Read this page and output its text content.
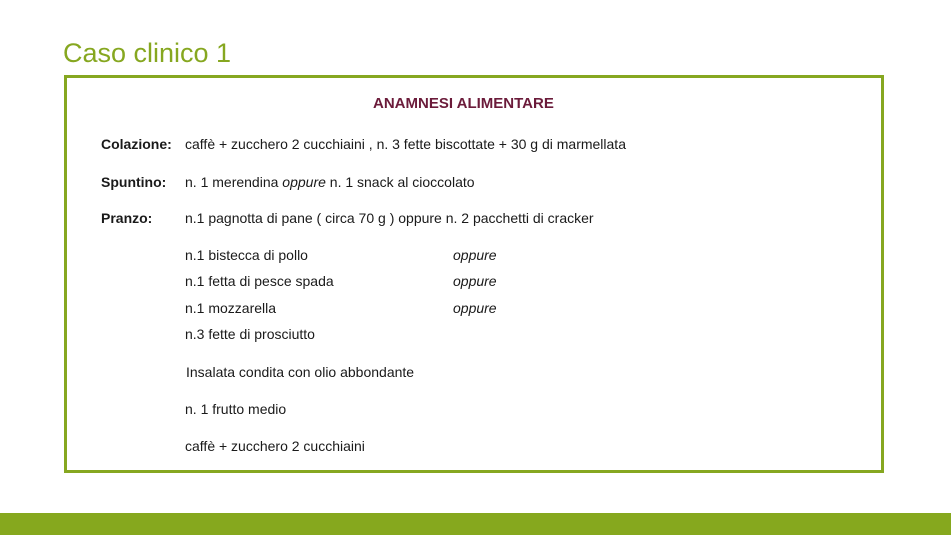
Caso clinico 1
ANAMNESI ALIMENTARE
Colazione: caffè + zucchero 2 cucchiaini , n. 3 fette biscottate + 30 g di marmellata
Spuntino: n. 1 merendina oppure n. 1 snack al cioccolato
Pranzo: n.1 pagnotta di pane ( circa 70 g ) oppure n. 2 pacchetti di cracker
n.1 bistecca di pollo	oppure
n.1 fetta di pesce spada	oppure
n.1 mozzarella	oppure
n.3 fette di prosciutto
Insalata condita con olio abbondante
n. 1 frutto medio
caffè + zucchero 2 cucchiaini
